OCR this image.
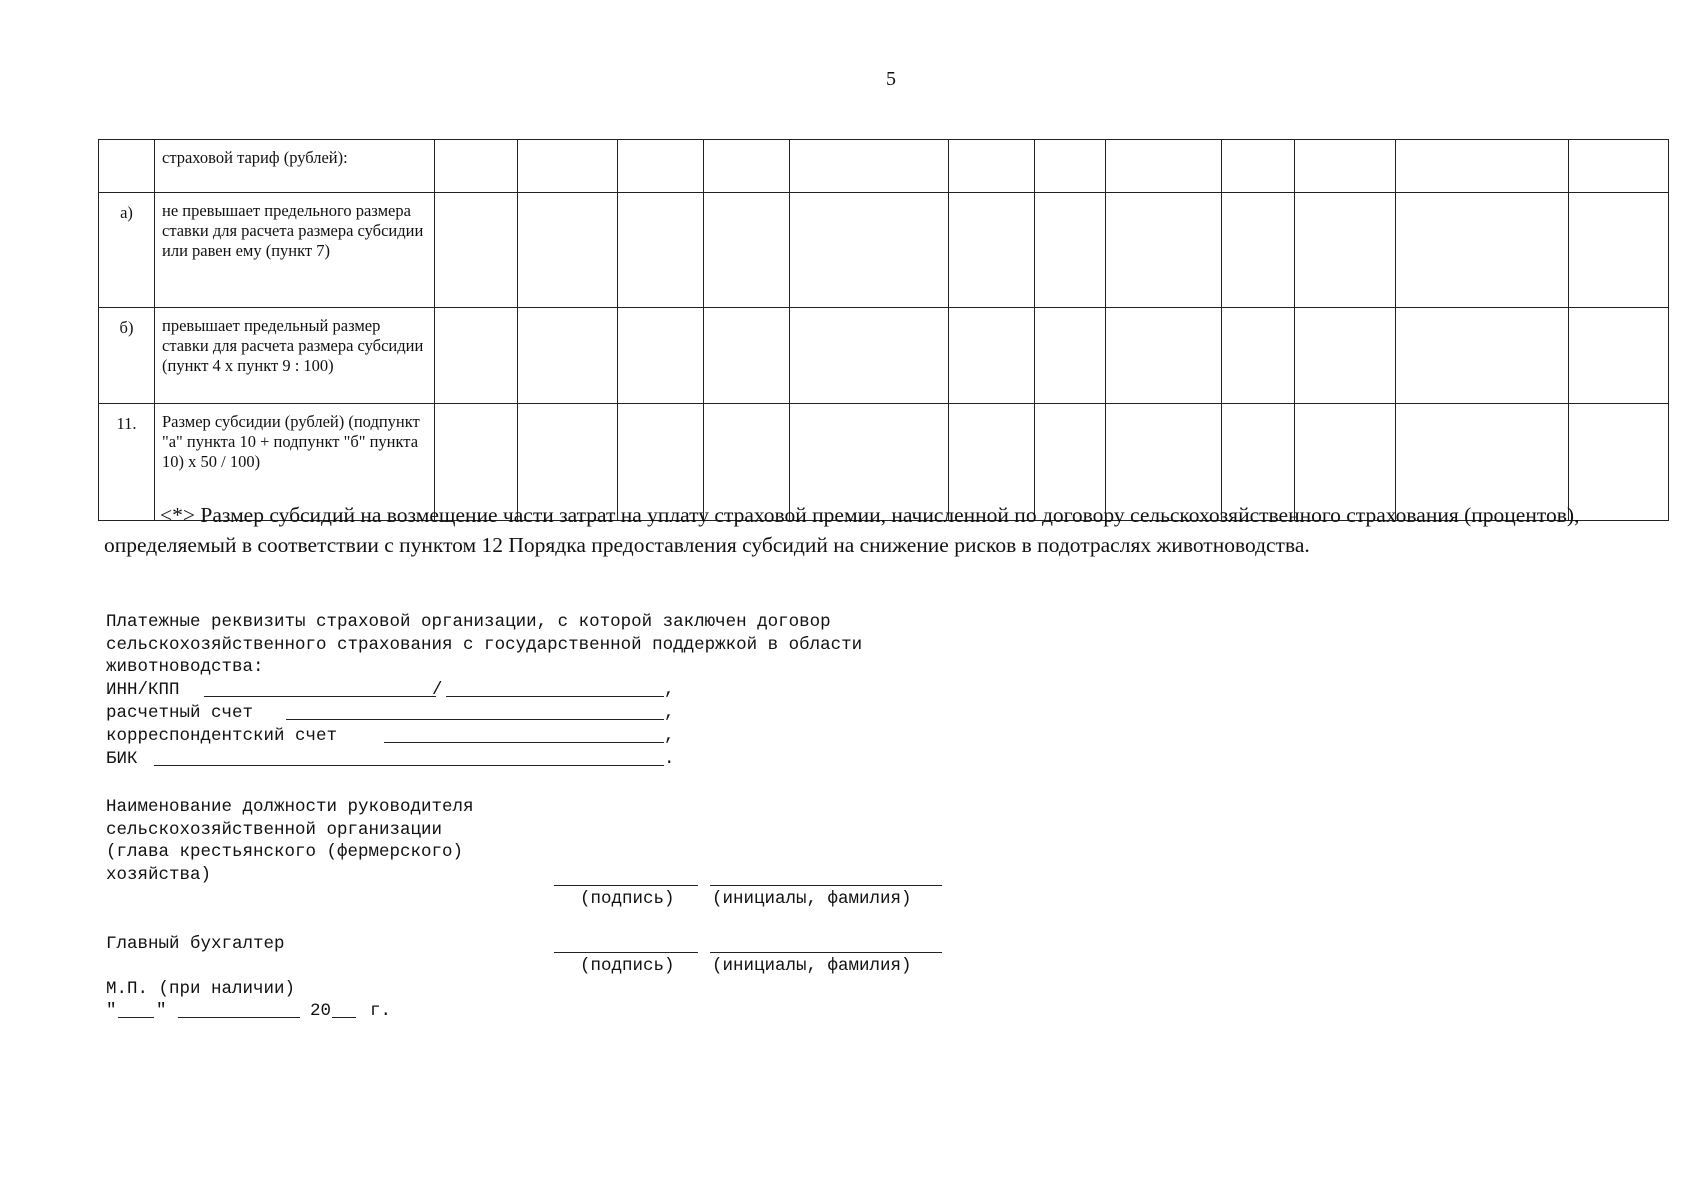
5
	страховой тариф (рублей):												
а)	не превышает предельного размера ставки для расчета размера субсидии или равен ему (пункт 7)												
б)	превышает предельный размер ставки для расчета размера субсидии (пункт 4 x пункт 9 : 100)												
11.	Размер субсидии (рублей) (подпункт "а" пункта 10 + подпункт "б" пункта 10) x 50 / 100)												
<*> Размер субсидий на возмещение части затрат на уплату страховой премии, начисленной по договору сельскохозяйственного страхования (процентов), определяемый в соответствии с пунктом 12 Порядка предоставления субсидий на снижение рисков в подотраслях животноводства.
Платежные реквизиты страховой организации, с которой заключен договор
сельскохозяйственного страхования с государственной поддержкой в области
животноводства:
ИНН/КПП	/	,
расчетный счет	,
корреспондентский счет	,
БИК	.
Наименование должности руководителя
сельскохозяйственной организации
(глава крестьянского (фермерского)
хозяйства)
(подпись) (инициалы, фамилия)
Главный бухгалтер
(подпись) (инициалы, фамилия)
М.П. (при наличии)
" "	20 г.
